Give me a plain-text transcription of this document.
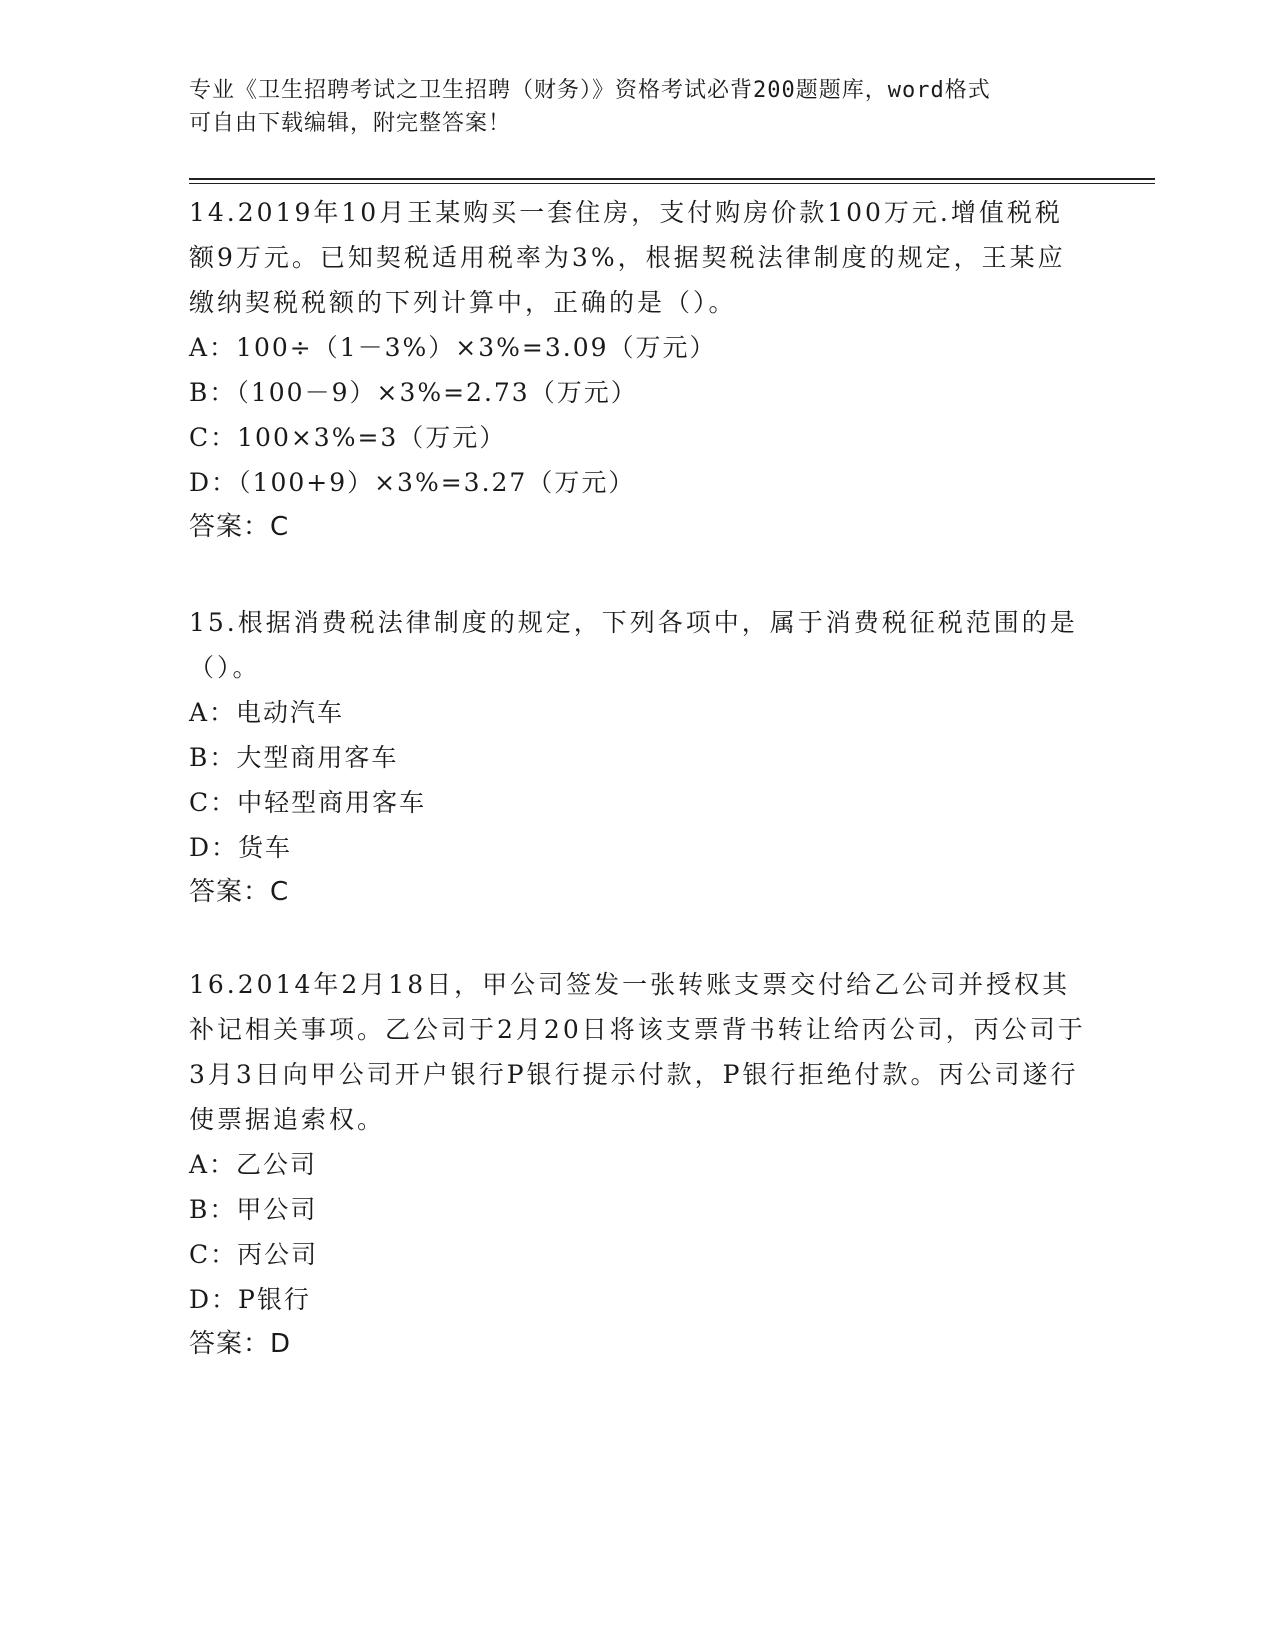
专业《卫生招聘考试之卫生招聘（财务）》资格考试必背200题题库，word格式
可自由下载编辑，附完整答案！
14.2019年10月王某购买一套住房，支付购房价款100万元.增值税税额9万元。已知契税适用税率为3%，根据契税法律制度的规定，王某应缴纳契税税额的下列计算中，正确的是（）。
A：100÷（1－3%）×3%=3.09（万元）
B：（100－9）×3%=2.73（万元）
C：100×3%=3（万元）
D：（100+9）×3%=3.27（万元）
答案：C
15.根据消费税法律制度的规定，下列各项中，属于消费税征税范围的是（）。
A：电动汽车
B：大型商用客车
C：中轻型商用客车
D：货车
答案：C
16.2014年2月18日，甲公司签发一张转账支票交付给乙公司并授权其补记相关事项。乙公司于2月20日将该支票背书转让给丙公司，丙公司于3月3日向甲公司开户银行P银行提示付款，P银行拒绝付款。丙公司遂行使票据追索权。
A：乙公司
B：甲公司
C：丙公司
D：P银行
答案：D
